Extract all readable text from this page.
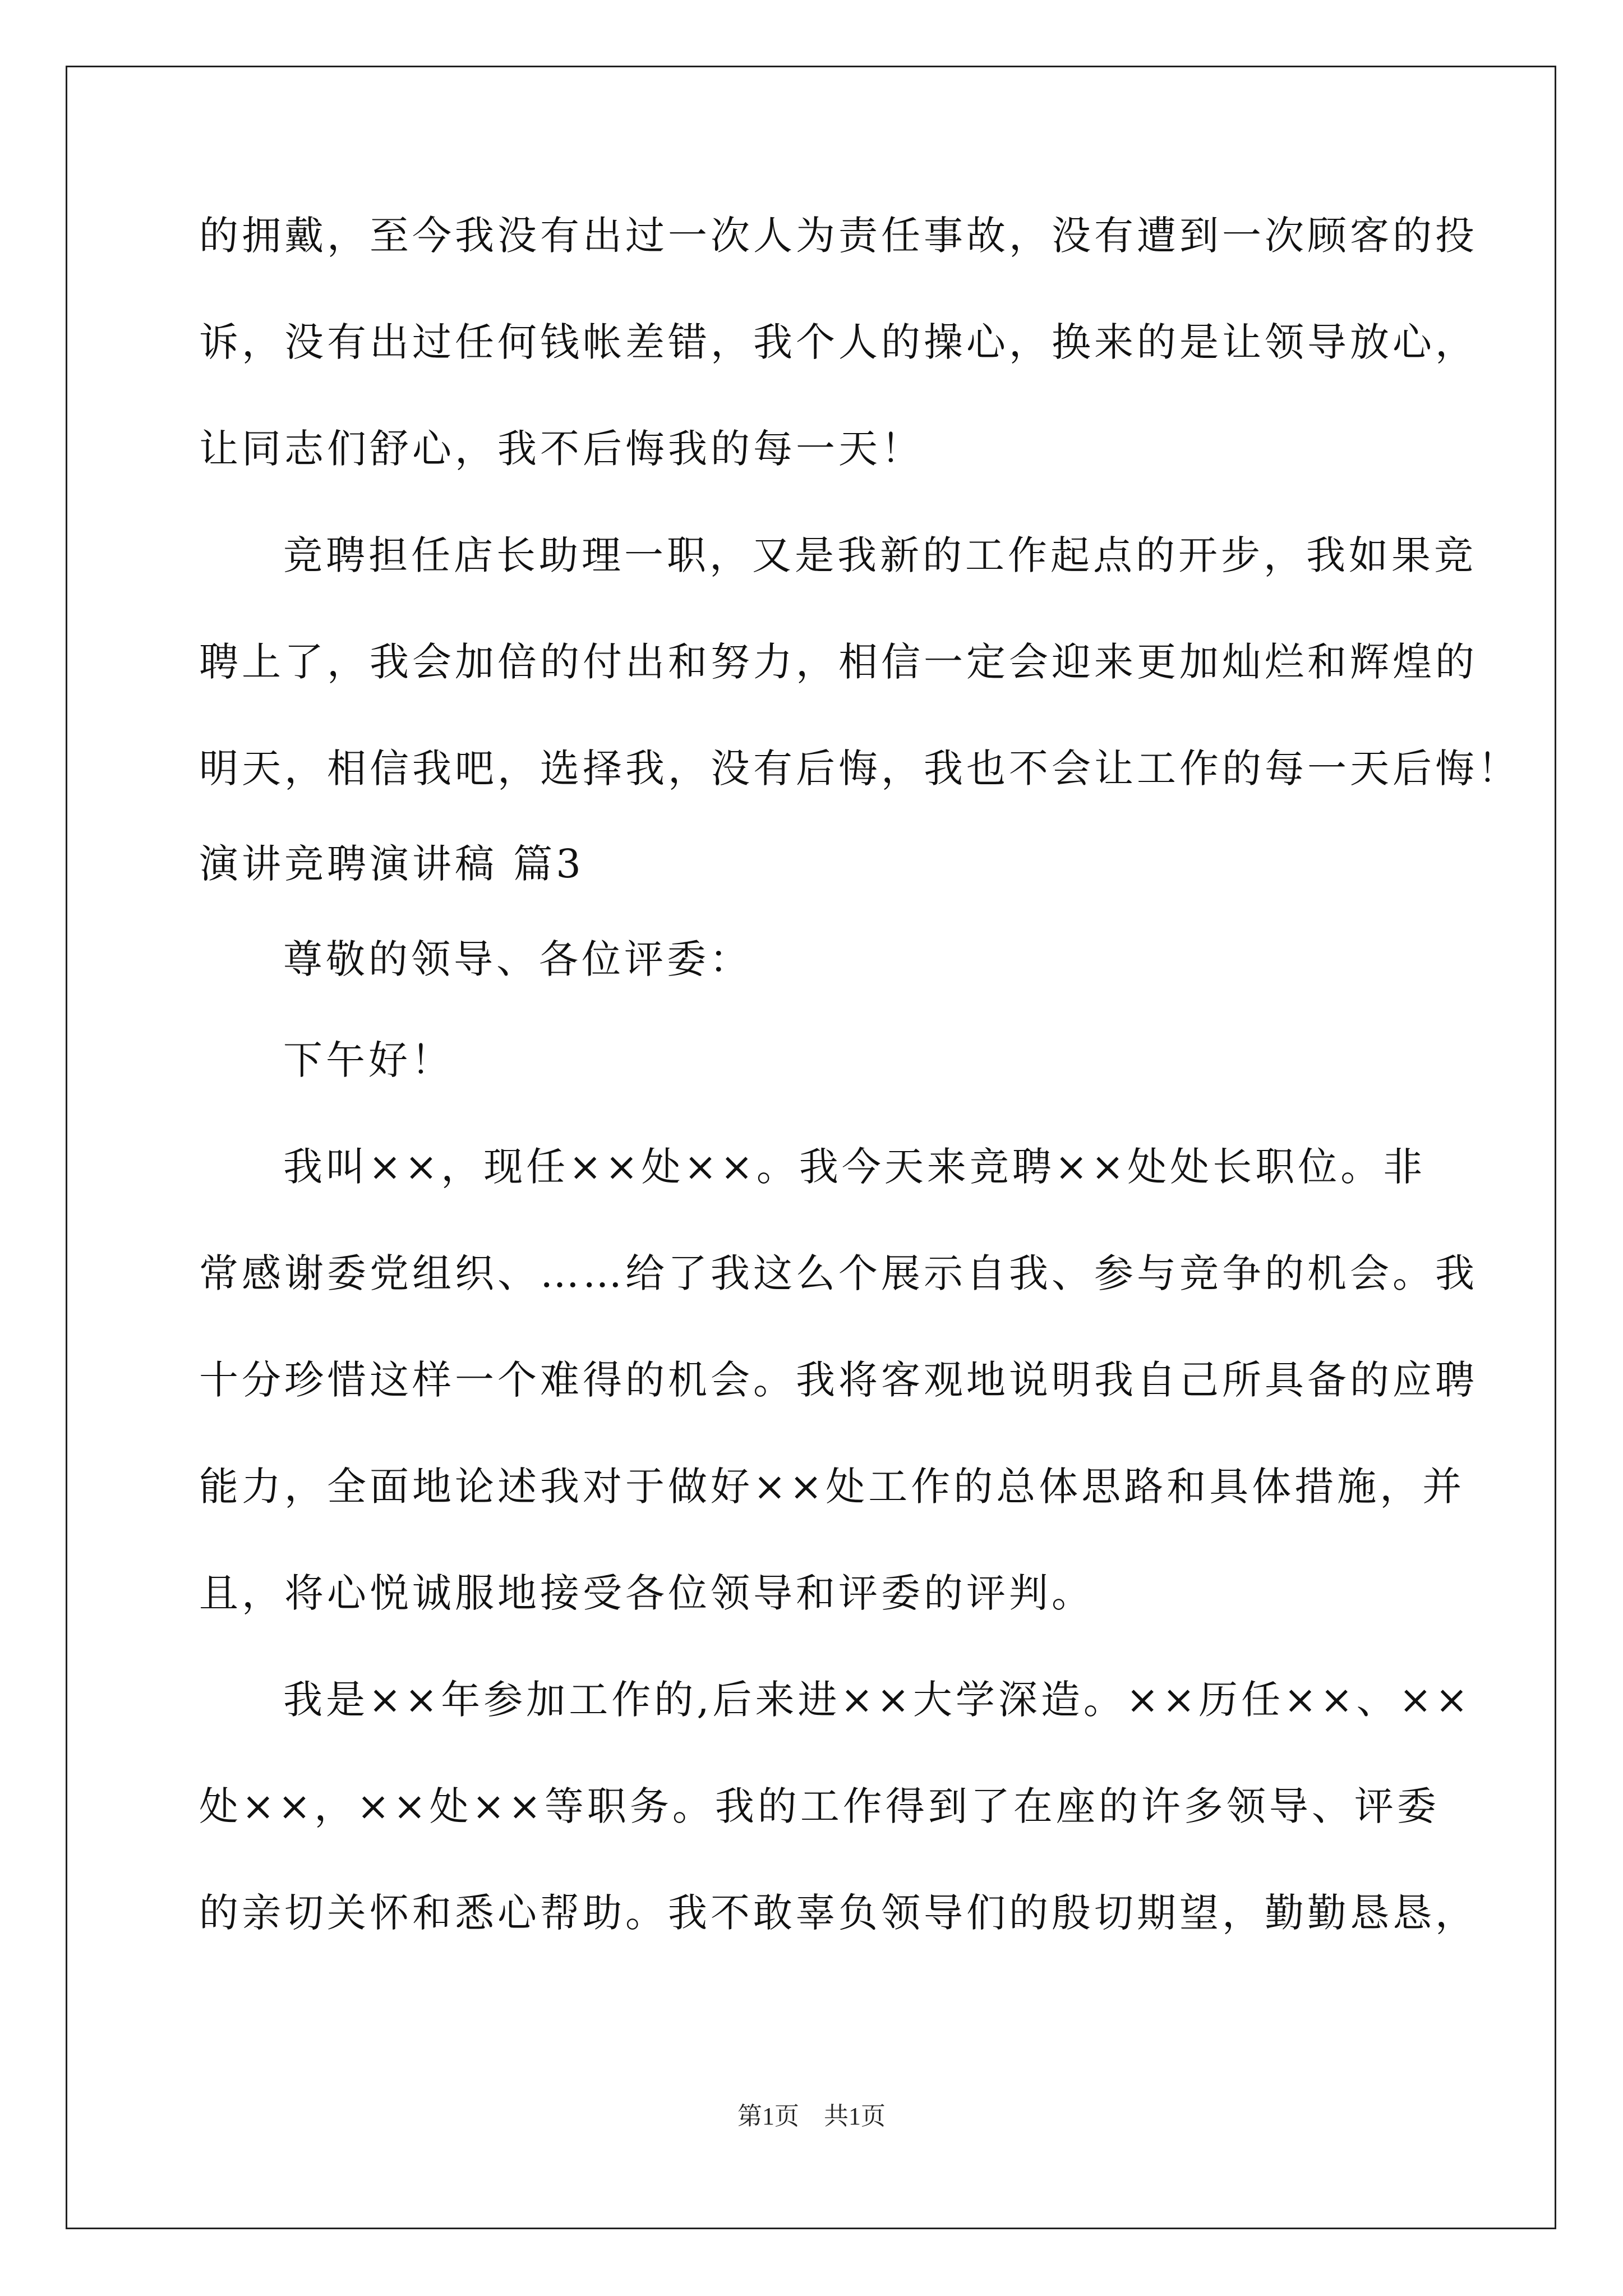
的拥戴，至今我没有出过一次人为责任事故，没有遭到一次顾客的投
诉，没有出过任何钱帐差错，我个人的操心，换来的是让领导放心，
让同志们舒心，我不后悔我的每一天！
竞聘担任店长助理一职，又是我新的工作起点的开步，我如果竞
聘上了，我会加倍的付出和努力，相信一定会迎来更加灿烂和辉煌的
明天，相信我吧，选择我，没有后悔，我也不会让工作的每一天后悔！
演讲竞聘演讲稿 篇3
尊敬的领导、各位评委：
下午好！
我叫××，现任××处××。我今天来竞聘××处处长职位。非
常感谢委党组织、……给了我这么个展示自我、参与竞争的机会。我
十分珍惜这样一个难得的机会。我将客观地说明我自己所具备的应聘
能力，全面地论述我对于做好××处工作的总体思路和具体措施，并
且，将心悦诚服地接受各位领导和评委的评判。
我是××年参加工作的,后来进××大学深造。××历任××、××
处××，××处××等职务。我的工作得到了在座的许多领导、评委
的亲切关怀和悉心帮助。我不敢辜负领导们的殷切期望，勤勤恳恳，
第1页　共1页
